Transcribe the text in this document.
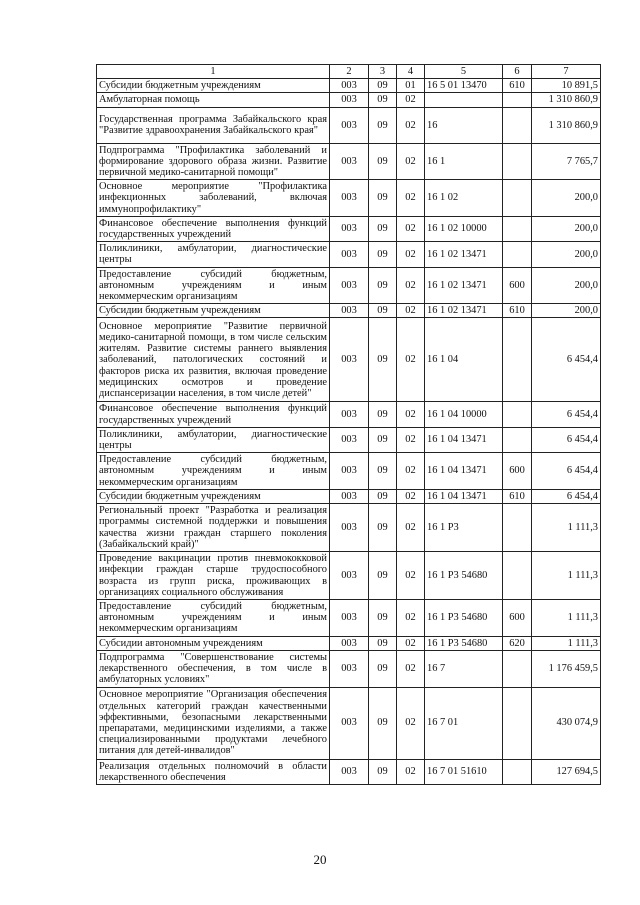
1	2	3	4	5	6	7
Субсидии бюджетным учреждениям	003	09	01	16 5 01 13470	610	10 891,5
Амбулаторная помощь	003	09	02			1 310 860,9
Государственная программа Забайкальского края "Развитие здравоохранения Забайкальского края"	003	09	02	16		1 310 860,9
Подпрограмма "Профилактика заболеваний и формирование здорового образа жизни. Развитие первичной медико-санитарной помощи"	003	09	02	16 1		7 765,7
Основное мероприятие "Профилактика инфекционных заболеваний, включая иммунопрофилактику"	003	09	02	16 1 02		200,0
Финансовое обеспечение выполнения функций государственных учреждений	003	09	02	16 1 02 10000		200,0
Поликлиники, амбулатории, диагностические центры	003	09	02	16 1 02 13471		200,0
Предоставление субсидий бюджетным, автономным учреждениям и иным некоммерческим организациям	003	09	02	16 1 02 13471	600	200,0
Субсидии бюджетным учреждениям	003	09	02	16 1 02 13471	610	200,0
Основное мероприятие "Развитие первичной медико-санитарной помощи, в том числе сельским жителям. Развитие системы раннего выявления заболеваний, патологических состояний и факторов риска их развития, включая проведение медицинских осмотров и проведение диспансеризации населения, в том числе детей"	003	09	02	16 1 04		6 454,4
Финансовое обеспечение выполнения функций государственных учреждений	003	09	02	16 1 04 10000		6 454,4
Поликлиники, амбулатории, диагностические центры	003	09	02	16 1 04 13471		6 454,4
Предоставление субсидий бюджетным, автономным учреждениям и иным некоммерческим организациям	003	09	02	16 1 04 13471	600	6 454,4
Субсидии бюджетным учреждениям	003	09	02	16 1 04 13471	610	6 454,4
Региональный проект "Разработка и реализация программы системной поддержки и повышения качества жизни граждан старшего поколения (Забайкальский край)"	003	09	02	16 1 P3		1 111,3
Проведение вакцинации против пневмококковой инфекции граждан старше трудоспособного возраста из групп риска, проживающих в организациях социального обслуживания	003	09	02	16 1 P3 54680		1 111,3
Предоставление субсидий бюджетным, автономным учреждениям и иным некоммерческим организациям	003	09	02	16 1 P3 54680	600	1 111,3
Субсидии автономным учреждениям	003	09	02	16 1 P3 54680	620	1 111,3
Подпрограмма "Совершенствование системы лекарственного обеспечения, в том числе в амбулаторных условиях"	003	09	02	16 7		1 176 459,5
Основное мероприятие "Организация обеспечения отдельных категорий граждан качественными эффективными, безопасными лекарственными препаратами, медицинскими изделиями, а также специализированными продуктами лечебного питания для детей-инвалидов"	003	09	02	16 7 01		430 074,9
Реализация отдельных полномочий в области лекарственного обеспечения	003	09	02	16 7 01 51610		127 694,5
20
